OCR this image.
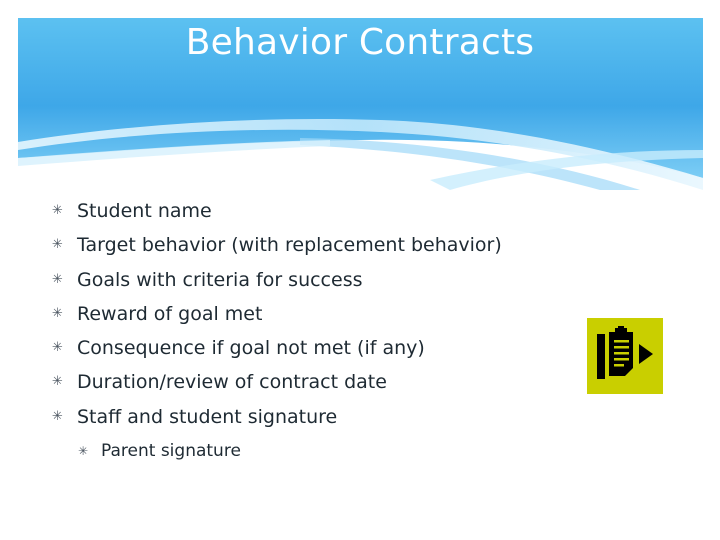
Behavior Contracts
✳ Student name
✳ Target behavior (with replacement behavior)
✳ Goals with criteria for success
✳ Reward of goal met
✳ Consequence if goal not met (if any)
✳ Duration/review of contract date
✳ Staff and student signature
✳ Parent signature
